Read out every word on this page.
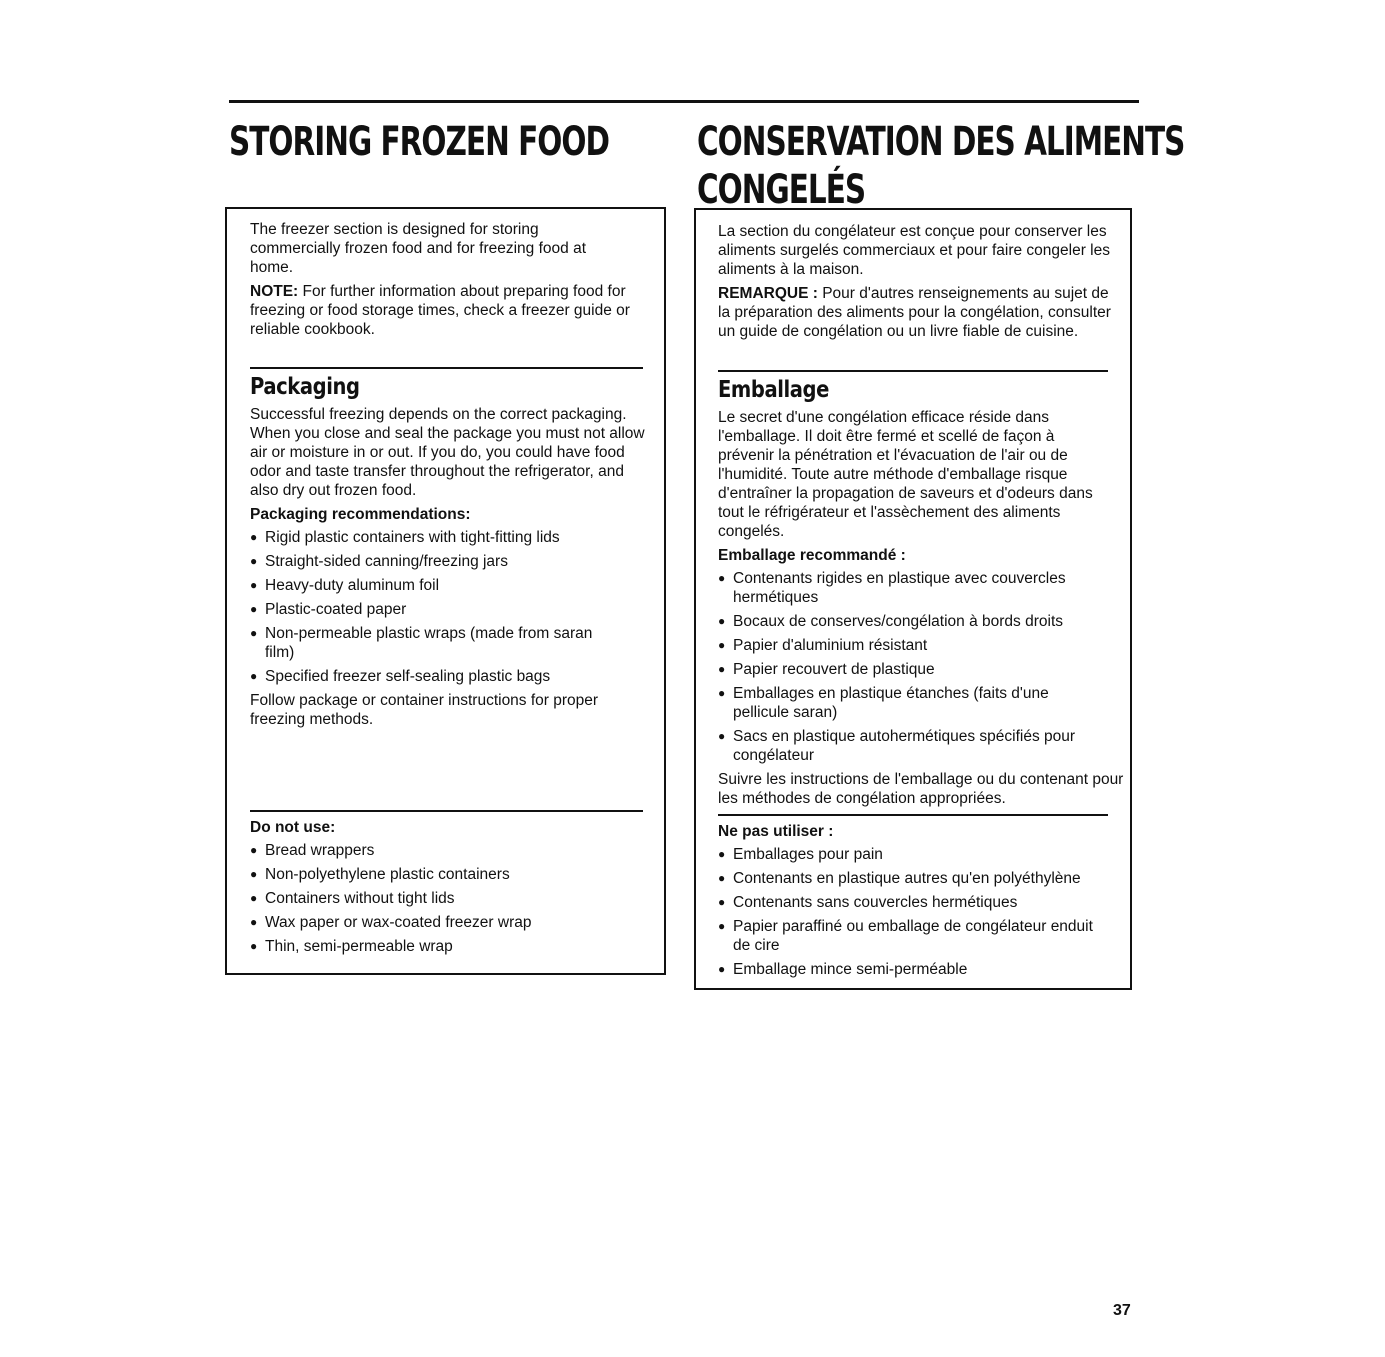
STORING FROZEN FOOD CONSERVATION DES ALIMENTS
CONGELÉS

The freezer section is designed for storing commercially frozen food and for freezing food at home.

NOTE: For further information about preparing food for freezing or food storage times, check a freezer guide or reliable cookbook.

Packaging

Successful freezing depends on the correct packaging. When you close and seal the package you must not allow air or moisture in or out. If you do, you could have food odor and taste transfer throughout the refrigerator, and also dry out frozen food.

Packaging recommendations:
● Rigid plastic containers with tight-fitting lids
● Straight-sided canning/freezing jars
● Heavy-duty aluminum foil
● Plastic-coated paper
● Non-permeable plastic wraps (made from saran film)
● Specified freezer self-sealing plastic bags

Follow package or container instructions for proper freezing methods.

Do not use:
● Bread wrappers
● Non-polyethylene plastic containers
● Containers without tight lids
● Wax paper or wax-coated freezer wrap
● Thin, semi-permeable wrap

La section du congélateur est conçue pour conserver les aliments surgelés commerciaux et pour faire congeler les aliments à la maison.

REMARQUE : Pour d'autres renseignements au sujet de la préparation des aliments pour la congélation, consulter un guide de congélation ou un livre fiable de cuisine.

Emballage

Le secret d'une congélation efficace réside dans l'emballage. Il doit être fermé et scellé de façon à prévenir la pénétration et l'évacuation de l'air ou de l'humidité. Toute autre méthode d'emballage risque d'entraîner la propagation de saveurs et d'odeurs dans tout le réfrigérateur et l'assèchement des aliments congelés.

Emballage recommandé :
● Contenants rigides en plastique avec couvercles hermétiques
● Bocaux de conserves/congélation à bords droits
● Papier d'aluminium résistant
● Papier recouvert de plastique
● Emballages en plastique étanches (faits d'une pellicule saran)
● Sacs en plastique autohermétiques spécifiés pour congélateur

Suivre les instructions de l'emballage ou du contenant pour les méthodes de congélation appropriées.

Ne pas utiliser :
● Emballages pour pain
● Contenants en plastique autres qu'en polyéthylène
● Contenants sans couvercles hermétiques
● Papier paraffiné ou emballage de congélateur enduit de cire
● Emballage mince semi-perméable
37
